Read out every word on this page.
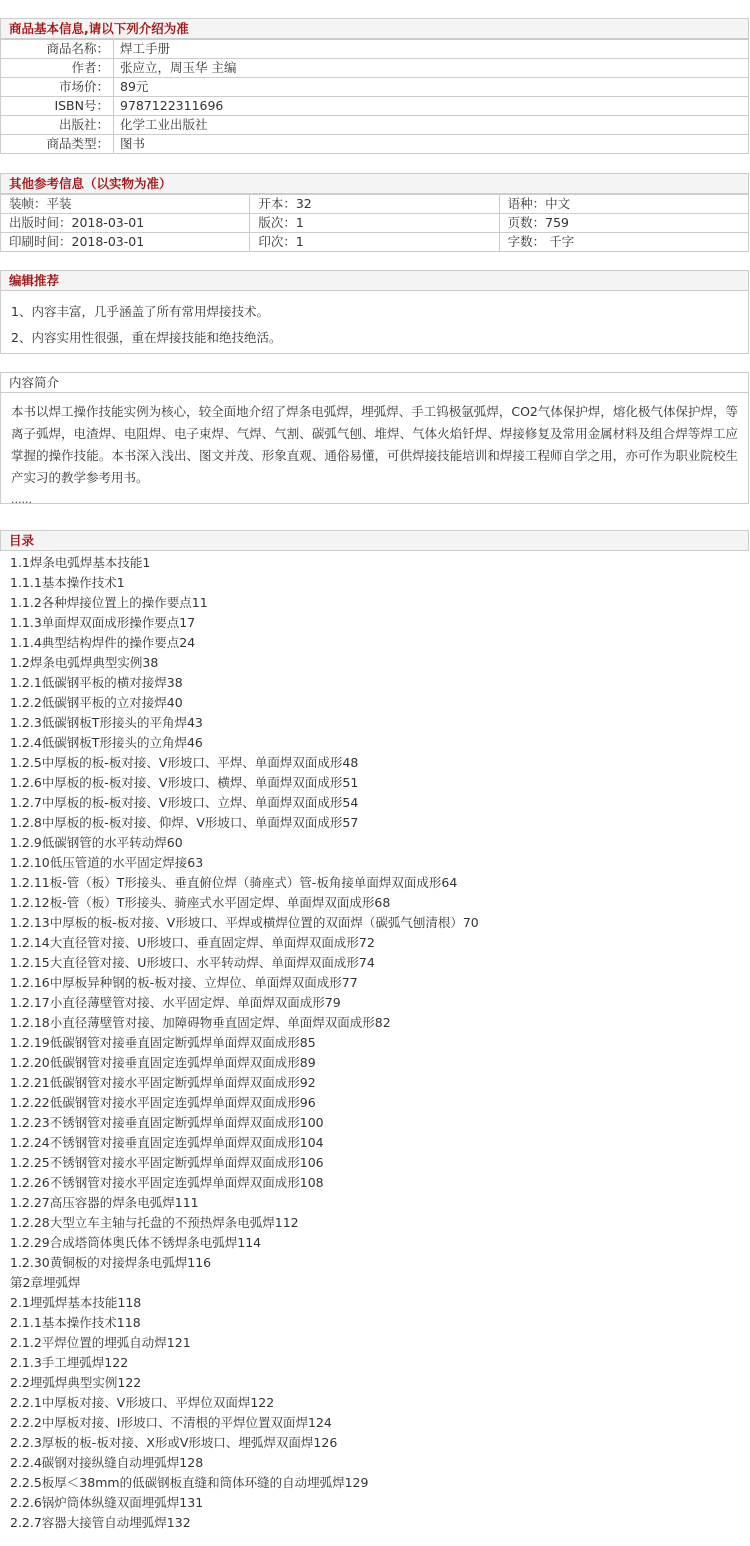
商品基本信息,请以下列介绍为准
商品名称：	焊工手册
作者：	张应立，周玉华 主编
市场价：	89元
ISBN号：	9787122311696
出版社：	化学工业出版社
商品类型：	图书
其他参考信息（以实物为准）
装帧：平装	开本：32	语种：中文
出版时间：2018-03-01	版次：1	页数：759
印刷时间：2018-03-01	印次：1	字数： 千字
编辑推荐
1、内容丰富，几乎涵盖了所有常用焊接技术。
2、内容实用性很强，重在焊接技能和绝技绝活。
内容简介
本书以焊工操作技能实例为核心，较全面地介绍了焊条电弧焊，埋弧焊、手工钨极氩弧焊，CO2气体保护焊，熔化极气体保护焊，等离子弧焊，电渣焊、电阻焊、电子束焊、气焊、气割、碳弧气刨、堆焊、气体火焰钎焊、焊接修复及常用金属材料及组合焊等焊工应掌握的操作技能。本书深入浅出、图文并茂、形象直观、通俗易懂，可供焊接技能培训和焊接工程师自学之用，亦可作为职业院校生产实习的教学参考用书。
......
目录
1.1焊条电弧焊基本技能1
1.1.1基本操作技术1
1.1.2各种焊接位置上的操作要点11
1.1.3单面焊双面成形操作要点17
1.1.4典型结构焊件的操作要点24
1.2焊条电弧焊典型实例38
1.2.1低碳钢平板的横对接焊38
1.2.2低碳钢平板的立对接焊40
1.2.3低碳钢板T形接头的平角焊43
1.2.4低碳钢板T形接头的立角焊46
1.2.5中厚板的板-板对接、V形坡口、平焊、单面焊双面成形48
1.2.6中厚板的板-板对接、V形坡口、横焊、单面焊双面成形51
1.2.7中厚板的板-板对接、V形坡口、立焊、单面焊双面成形54
1.2.8中厚板的板-板对接、仰焊、V形坡口、单面焊双面成形57
1.2.9低碳钢管的水平转动焊60
1.2.10低压管道的水平固定焊接63
1.2.11板-管（板）T形接头、垂直俯位焊（骑座式）管-板角接单面焊双面成形64
1.2.12板-管（板）T形接头、骑座式水平固定焊、单面焊双面成形68
1.2.13中厚板的板-板对接、V形坡口、平焊或横焊位置的双面焊（碳弧气刨清根）70
1.2.14大直径管对接、U形坡口、垂直固定焊、单面焊双面成形72
1.2.15大直径管对接、U形坡口、水平转动焊、单面焊双面成形74
1.2.16中厚板异种钢的板-板对接、立焊位、单面焊双面成形77
1.2.17小直径薄壁管对接、水平固定焊、单面焊双面成形79
1.2.18小直径薄壁管对接、加障碍物垂直固定焊、单面焊双面成形82
1.2.19低碳钢管对接垂直固定断弧焊单面焊双面成形85
1.2.20低碳钢管对接垂直固定连弧焊单面焊双面成形89
1.2.21低碳钢管对接水平固定断弧焊单面焊双面成形92
1.2.22低碳钢管对接水平固定连弧焊单面焊双面成形96
1.2.23不锈钢管对接垂直固定断弧焊单面焊双面成形100
1.2.24不锈钢管对接垂直固定连弧焊单面焊双面成形104
1.2.25不锈钢管对接水平固定断弧焊单面焊双面成形106
1.2.26不锈钢管对接水平固定连弧焊单面焊双面成形108
1.2.27高压容器的焊条电弧焊111
1.2.28大型立车主轴与托盘的不预热焊条电弧焊112
1.2.29合成塔筒体奥氏体不锈焊条电弧焊114
1.2.30黄铜板的对接焊条电弧焊116
第2章埋弧焊
2.1埋弧焊基本技能118
2.1.1基本操作技术118
2.1.2平焊位置的埋弧自动焊121
2.1.3手工埋弧焊122
2.2埋弧焊典型实例122
2.2.1中厚板对接、V形坡口、平焊位双面焊122
2.2.2中厚板对接、I形坡口、不清根的平焊位置双面焊124
2.2.3厚板的板-板对接、X形或V形坡口、埋弧焊双面焊126
2.2.4碳钢对接纵缝自动埋弧焊128
2.2.5板厚＜38mm的低碳钢板直缝和筒体环缝的自动埋弧焊129
2.2.6锅炉筒体纵缝双面埋弧焊131
2.2.7容器大接管自动埋弧焊132
